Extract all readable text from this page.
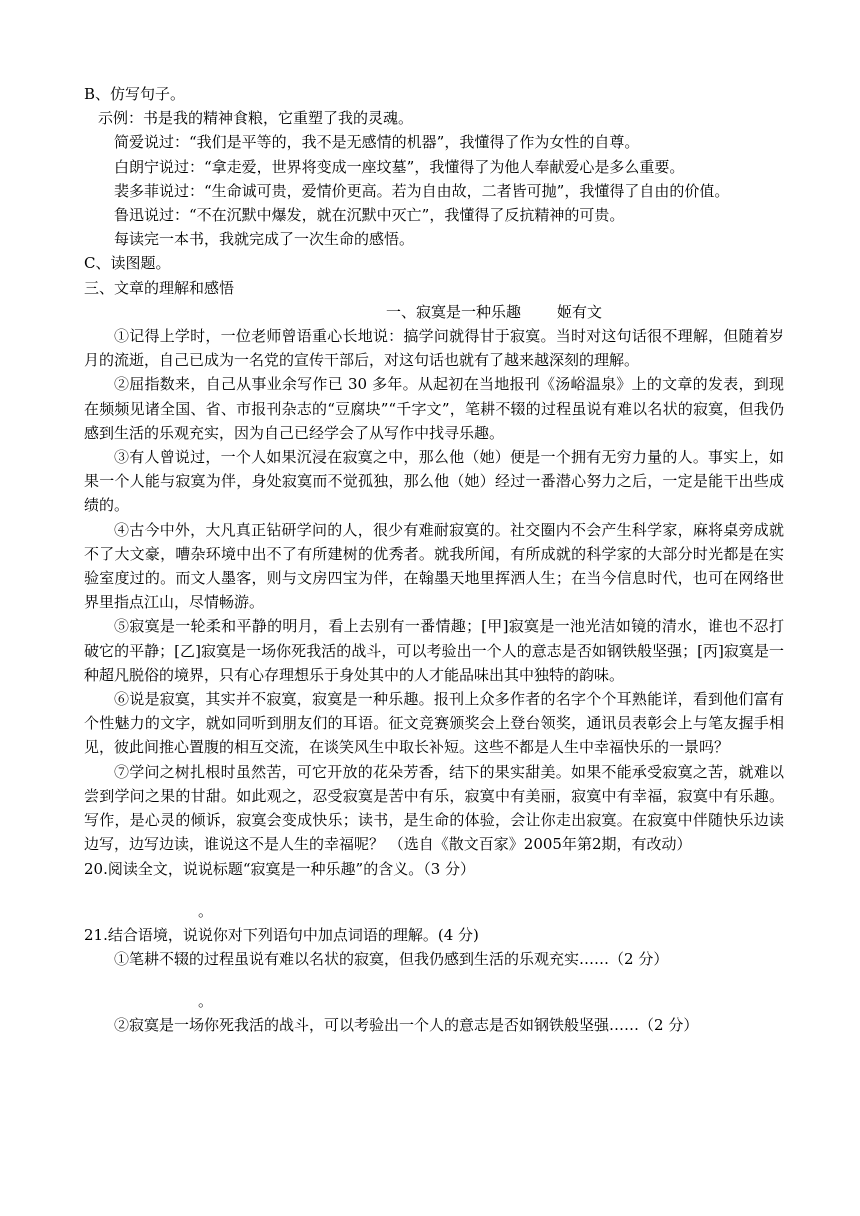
B、仿写句子。
示例：书是我的精神食粮，它重塑了我的灵魂。
简爱说过：“我们是平等的，我不是无感情的机器”，我懂得了作为女性的自尊。
白朗宁说过：“拿走爱，世界将变成一座坟墓”，我懂得了为他人奉献爱心是多么重要。

裴多菲说过：“生命诚可贵，爱情价更高。若为自由故，二者皆可抛”，我懂得了自由的价值。

鲁迅说过：“不在沉默中爆发，就在沉默中灭亡”，我懂得了反抗精神的可贵。
每读完一本书，我就完成了一次生命的感悟。
C、读图题。
三、文章的理解和感悟
一、寂寞是一种乐趣 姬有文

①记得上学时，一位老师曾语重心长地说：搞学问就得甘于寂寞。当时对这句话很不理解，但随着岁月的流逝，自己已成为一名党的宣传干部后，对这句话也就有了越来越深刻的理解。

②屈指数来，自己从事业余写作已 30 多年。从起初在当地报刊《汤峪温泉》上的文章的发表，到现在频频见诸全国、省、市报刊杂志的“豆腐块”“千字文”，笔耕不辍的过程虽说有难以名状的寂寞，但我仍感到生活的乐观充实，因为自己已经学会了从写作中找寻乐趣。

③有人曾说过，一个人如果沉浸在寂寞之中，那么他（她）便是一个拥有无穷力量的人。事实上，如果一个人能与寂寞为伴，身处寂寞而不觉孤独，那么他（她）经过一番潜心努力之后，一定是能干出些成绩的。

④古今中外，大凡真正钻研学问的人，很少有难耐寂寞的。社交圈内不会产生科学家，麻将桌旁成就不了大文豪，嘈杂环境中出不了有所建树的优秀者。就我所闻，有所成就的科学家的大部分时光都是在实验室度过的。而文人墨客，则与文房四宝为伴，在翰墨天地里挥洒人生；在当今信息时代，也可在网络世界里指点江山，尽情畅游。

⑤寂寞是一轮柔和平静的明月，看上去别有一番情趣；[甲]寂寞是一池光洁如镜的清水，谁也不忍打破它的平静；[乙]寂寞是一场你死我活的战斗，可以考验出一个人的意志是否如钢铁般坚强；[丙]寂寞是一种超凡脱俗的境界，只有心存理想乐于身处其中的人才能品味出其中独特的韵味。

⑥说是寂寞，其实并不寂寞，寂寞是一种乐趣。报刊上众多作者的名字个个耳熟能详，看到他们富有个性魅力的文字，就如同听到朋友们的耳语。征文竞赛颁奖会上登台领奖，通讯员表彰会上与笔友握手相见，彼此间推心置腹的相互交流，在谈笑风生中取长补短。这些不都是人生中幸福快乐的一景吗？

⑦学问之树扎根时虽然苦，可它开放的花朵芳香，结下的果实甜美。如果不能承受寂寞之苦，就难以尝到学问之果的甘甜。如此观之，忍受寂寞是苦中有乐，寂寞中有美丽，寂寞中有幸福，寂寞中有乐趣。写作，是心灵的倾诉，寂寞会变成快乐；读书，是生命的体验，会让你走出寂寞。在寂寞中伴随快乐边读边写，边写边读，谁说这不是人生的幸福呢？ （选自《散文百家》2005年第2期，有改动）

20.阅读全文，说说标题“寂寞是一种乐趣”的含义。（3 分）
。
21.结合语境，说说你对下列语句中加点词语的理解。(4 分)
①笔耕不辍的过程虽说有难以名状的寂寞，但我仍感到生活的乐观充实……（2 分）
。
②寂寞是一场你死我活的战斗，可以考验出一个人的意志是否如钢铁般坚强……（2 分）
